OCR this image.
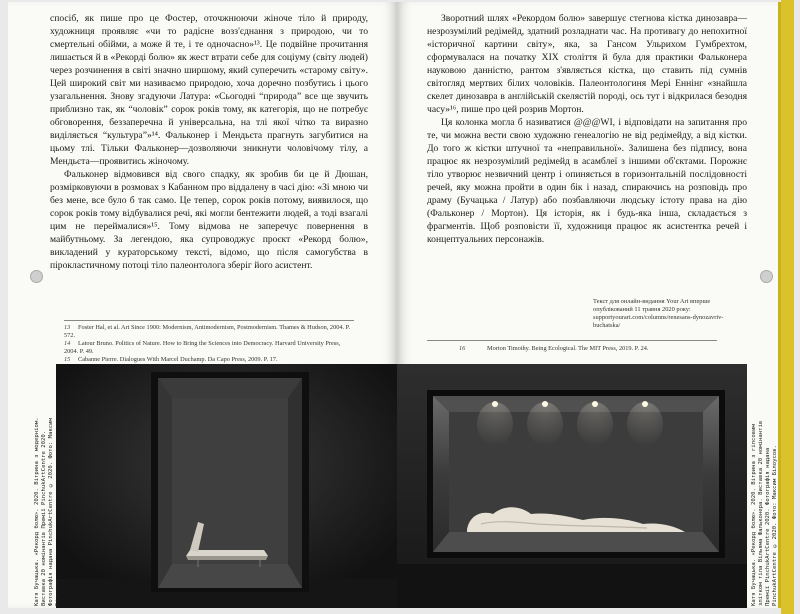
спосіб, як пише про це Фостер, оточжнюючи жіноче тіло й природу, художниця проявляє «чи то радісне возз'єднання з природою, чи то смертельні обійми, а може й те, і те одночасно»¹³. Це подвійне прочитання лишається й в «Рекорді болю» як жест втрати себе для соціуму (світу людей) через розчинення в світі значно ширшому, який суперечить «старому світу». Цей широкий світ ми називаємо природою, хоча доречно позбутись і цього узагальнення. Знову згадуючи Латура: «Сьогодні “природа” все ще звучить приблизно так, як “чоловік” сорок років тому, як категорія, що не потребує обговорення, беззаперечна й універсальна, на тлі якої чітко та виразно виділяється “культура”»¹⁴. Фальконер і Мендьєта прагнуть загубитися на цьому тлі. Тільки Фальконер—дозволяючи зникнути чоловічому тілу, а Мендьєта—проявитись жіночому.

Фальконер відмовився від свого спадку, як зробив би це й Дюшан, розмірковуючи в розмовах з Кабанном про віддалену в часі дію: «Зі мною чи без мене, все було б так само. Це тепер, сорок років потому, виявилося, що сорок років тому відбувалися речі, які могли бентежити людей, а тоді взагалі цим не переймалися»¹⁵. Тому відмова не заперечує повернення в майбутньому. За легендою, яка супроводжує проєкт «Рекорд болю», викладений у кураторському тексті, відомо, що після самогубства в пірокластичному потоці тіло палеонтолога зберіг його асистент.

13 Foster Hal, et al. Art Since 1900: Modernism, Antimodernism, Postmodernism. Thames & Hudson, 2004. P. 572.
14 Latour Bruno. Politics of Nature. How to Bring the Sciences into Democracy. Harvard University Press, 2004. P. 49.
15 Cabanne Pierre. Dialogues With Marcel Duchamp. Da Capo Press, 2009. P. 17.
Катя Бучацька. «Рекорд болю». 2020. Вітрина з модерніом.
Виставка 20 номінантів Премії PinchukArtCentre 2020.
Фотографія надана PinchukArtCentre © 2020. Фото: Максим
Білоусов.

Зворотний шлях «Рекордом болю» завершує стегнова кістка динозавра—незрозумілий редімейд, здатний розладнати час. На противагу до непохитної «історичної картини світу», яка, за Гансом Ульрихом Гумбрехтом, сформувалася на початку XIX століття й була для практики Фальконера науковою данністю, рантом з'являється кістка, що ставить під сумнів світогляд мертвих білих чоловіків. Палеонтологиня Мері Еннінг «знайшла скелет динозавра в англійській скелястій породі, ось тут і відкрилася безодня часу»¹⁶, пише про цей розрив Мортон.

Ця колонка могла б називатися @@@WI, і відповідати на запитання про те, чи можна вести свою художню генеалогію не від редімейду, а від кістки. До того ж кістки штучної та «неправильної». Залишена без підпису, вона працює як незрозумілий редімейд в асамблеї з іншими об'єктами. Порожнє тіло утворює незвичний центр і опиняється в горизонтальній послідовності речей, яку можна пройти в один бік і назад, спираючись на розповідь про драму (Бучацька / Латур) або позбавляючи людську істоту права на дію (Фальконер / Мортон). Ця історія, як і будь-яка інша, складається з фрагментів. Щоб розповісти її, художниця працює як асистентка речей і концептуальних персонажів.

Текст для онлайн-видання Your Art вперше опублікований 11 травня 2020 року: supportyourart.com/columns/renesans-dynozavriv-buchatska/
16	Morton Timothy. Being Ecological. The MIT Press, 2019. P. 24.
Катя Бучацька. «Рекорд болю». 2020. Вітрина з гіпсовим
злітком тіла Вільяма Фальконера. Виставка 20 номінантів
Премії PinchukArtCentre 2020. Фотографія надана
PinchukArtCentre © 2020. Фото: Максим Білоусов.
